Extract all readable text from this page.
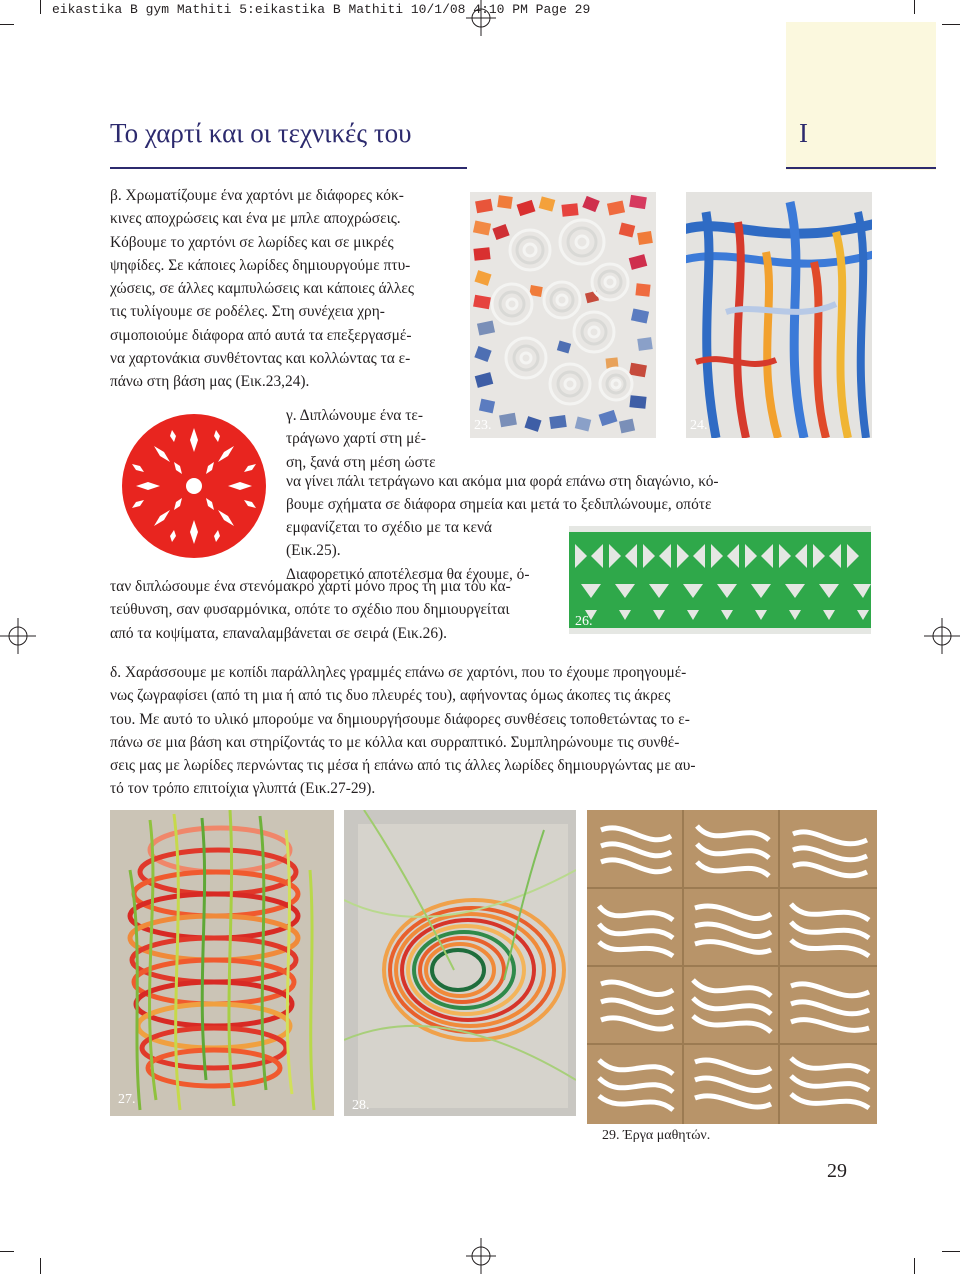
eikastika B gym Mathiti 5:eikastika B Mathiti 10/1/08 4:10 PM Page 29
Το χαρτί και οι τεχνικές του	Ι
β. Χρωματίζουμε ένα χαρτόνι με διάφορες κόκ-
κινες αποχρώσεις και ένα με μπλε αποχρώσεις.
Κόβουμε το χαρτόνι σε λωρίδες και σε μικρές
ψηφίδες. Σε κάποιες λωρίδες δημιουργούμε πτυ-
χώσεις, σε άλλες καμπυλώσεις και κάποιες άλλες
τις τυλίγουμε σε ροδέλες. Στη συνέχεια χρη-
σιμοποιούμε διάφορα από αυτά τα επεξεργασμέ-
να χαρτονάκια συνθέτοντας και κολλώντας τα ε-
πάνω στη βάση μας (Εικ.23,24).
23.	24.
25.
γ. Διπλώνουμε ένα τε-
τράγωνο χαρτί στη μέ-
ση, ξανά στη μέση ώστε
να γίνει πάλι τετράγωνο και ακόμα μια φορά επάνω στη διαγώνιο, κό-
βουμε σχήματα σε διάφορα σημεία και μετά το ξεδιπλώνουμε, οπότε
εμφανίζεται το σχέδιο με τα κενά
(Εικ.25).
Διαφορετικό αποτέλεσμα θα έχουμε, ό-
ταν διπλώσουμε ένα στενόμακρο χαρτί μόνο προς τη μια του κα-
τεύθυνση, σαν φυσαρμόνικα, οπότε το σχέδιο που δημιουργείται
από τα κοψίματα, επαναλαμβάνεται σε σειρά (Εικ.26).
26.
δ. Χαράσσουμε με κοπίδι παράλληλες γραμμές επάνω σε χαρτόνι, που το έχουμε προηγουμέ-
νως ζωγραφίσει (από τη μια ή από τις δυο πλευρές του), αφήνοντας όμως άκοπες τις άκρες
του. Με αυτό το υλικό μπορούμε να δημιουργήσουμε διάφορες συνθέσεις τοποθετώντας το ε-
πάνω σε μια βάση και στηρίζοντάς το με κόλλα και συρραπτικό. Συμπληρώνουμε τις συνθέ-
σεις μας με λωρίδες περνώντας τις μέσα ή επάνω από τις άλλες λωρίδες δημιουργώντας με αυ-
τό τον τρόπο επιτοίχια γλυπτά (Εικ.27-29).
27.	28.
29. Έργα μαθητών.
29
